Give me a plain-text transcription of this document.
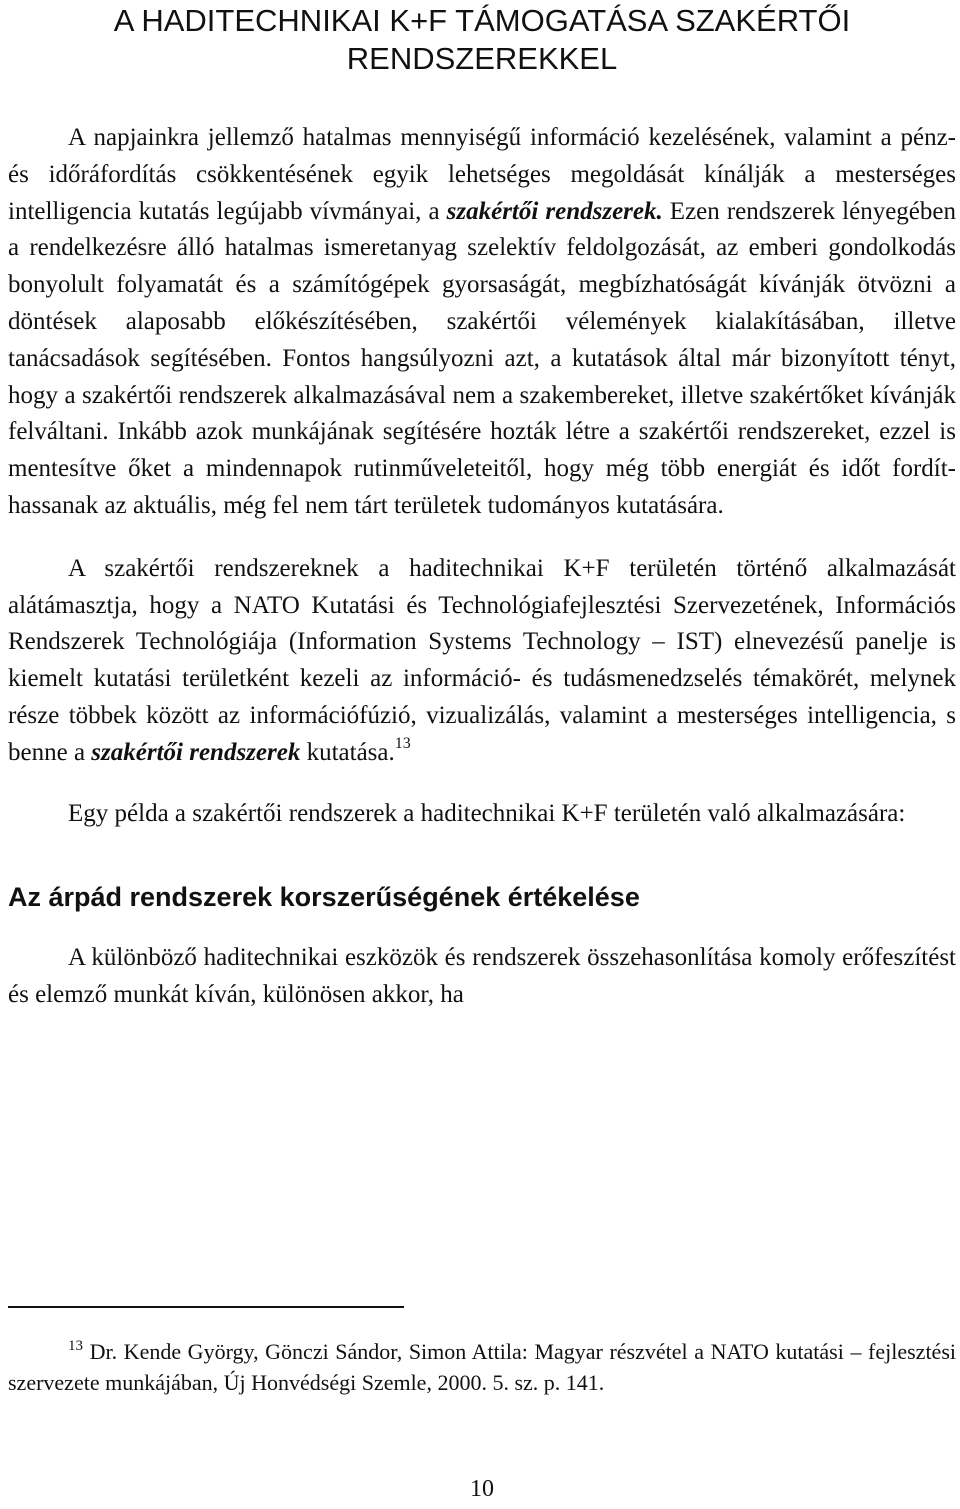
A HADITECHNIKAI K+F TÁMOGATÁSA SZAKÉRTŐI RENDSZEREKKEL

A napjainkra jellemző hatalmas mennyiségű információ kezelésének, valamint a pénz- és időráfordítás csökkentésének egyik lehetséges megoldását kínálják a mesterséges intelligencia kutatás legújabb vívmányai, a szakértői rendszerek. Ezen rendszerek lényegében a rendelkezésre álló hatalmas ismeretanyag szelektív feldolgozását, az emberi gondolkodás bonyolult folyamatát és a számítógépek gyorsaságát, megbízhatóságát kívánják ötvözni a döntések alaposabb előkészítésében, szakértői vélemények kialakításában, illetve tanácsadások segítésében. Fontos hangsúlyozni azt, a kutatások által már bizonyított tényt, hogy a szakértői rendszerek alkalmazásával nem a szakembereket, illetve szakértőket kívánják felváltani. Inkább azok munkájának segítésére hozták létre a szakértői rendszereket, ezzel is mentesítve őket a mindennapok rutinműveleteitől, hogy még több energiát és időt fordíthassanak az aktuális, még fel nem tárt területek tudományos kutatására.

A szakértői rendszereknek a haditechnikai K+F területén történő alkalmazását alátámasztja, hogy a NATO Kutatási és Technológiafejlesztési Szervezetének, Információs Rendszerek Technológiája (Information Systems Technology – IST) elnevezésű panelje is kiemelt kutatási területként kezeli az információ- és tudásmenedzselés témakörét, melynek része többek között az információfúzió, vizualizálás, valamint a mesterséges intelligencia, s benne a szakértői rendszerek kutatása.$^{13}$

Egy példa a szakértői rendszerek a haditechnikai K+F területén való alkalmazására:

Az árpád rendszerek korszerűségének értékelése

A különböző haditechnikai eszközök és rendszerek összehasonlítása komoly erőfeszítést és elemző munkát kíván, különösen akkor, ha

$^{13}$ Dr. Kende György, Gönczi Sándor, Simon Attila: Magyar részvétel a NATO kutatási – fejlesztési szervezete munkájában, Új Honvédségi Szemle, 2000. 5. sz. p. 141.

10
